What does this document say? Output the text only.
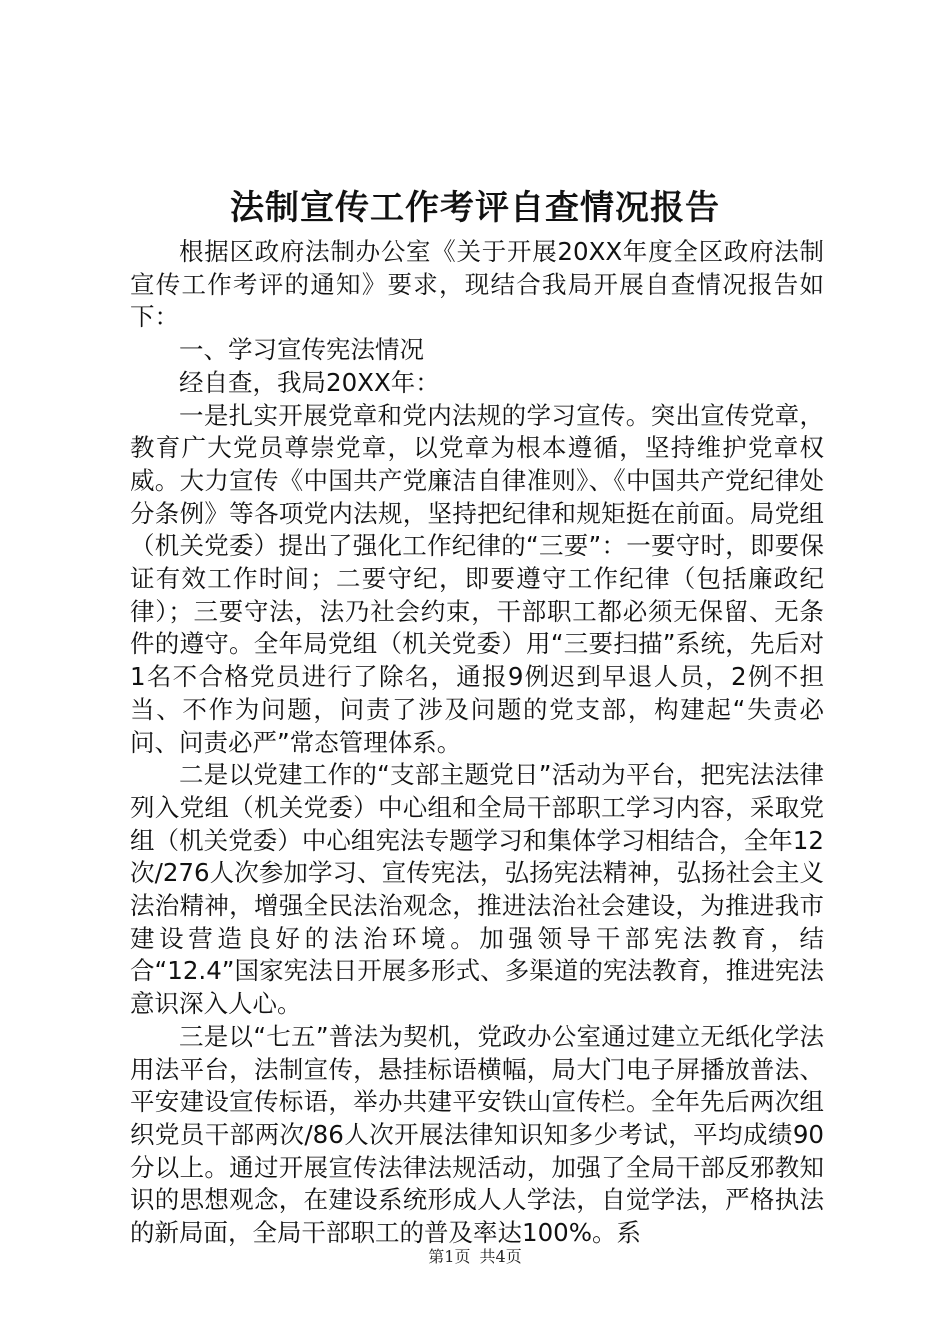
法制宣传工作考评自查情况报告

根据区政府法制办公室《关于开展20XX年度全区政府法制宣传工作考评的通知》要求，现结合我局开展自查情况报告如下：

一、学习宣传宪法情况

经自查，我局20XX年：

一是扎实开展党章和党内法规的学习宣传。突出宣传党章，教育广大党员尊崇党章，以党章为根本遵循，坚持维护党章权威。大力宣传《中国共产党廉洁自律准则》、《中国共产党纪律处分条例》等各项党内法规，坚持把纪律和规矩挺在前面。局党组（机关党委）提出了强化工作纪律的“三要”：一要守时，即要保证有效工作时间；二要守纪，即要遵守工作纪律（包括廉政纪律）；三要守法，法乃社会约束，干部职工都必须无保留、无条件的遵守。全年局党组（机关党委）用“三要扫描”系统，先后对1名不合格党员进行了除名，通报9例迟到早退人员，2例不担当、不作为问题，问责了涉及问题的党支部，构建起“失责必问、问责必严”常态管理体系。

二是以党建工作的“支部主题党日”活动为平台，把宪法法律列入党组（机关党委）中心组和全局干部职工学习内容，采取党组（机关党委）中心组宪法专题学习和集体学习相结合，全年12次/276人次参加学习、宣传宪法，弘扬宪法精神，弘扬社会主义法治精神，增强全民法治观念，推进法治社会建设，为推进我市建设营造良好的法治环境。加强领导干部宪法教育，结合“12.4”国家宪法日开展多形式、多渠道的宪法教育，推进宪法意识深入人心。

三是以“七五”普法为契机，党政办公室通过建立无纸化学法用法平台，法制宣传，悬挂标语横幅，局大门电子屏播放普法、平安建设宣传标语，举办共建平安铁山宣传栏。全年先后两次组织党员干部两次/86人次开展法律知识知多少考试，平均成绩90分以上。通过开展宣传法律法规活动，加强了全局干部反邪教知识的思想观念，在建设系统形成人人学法，自觉学法，严格执法的新局面，全局干部职工的普及率达100%。系

第1页 共4页
